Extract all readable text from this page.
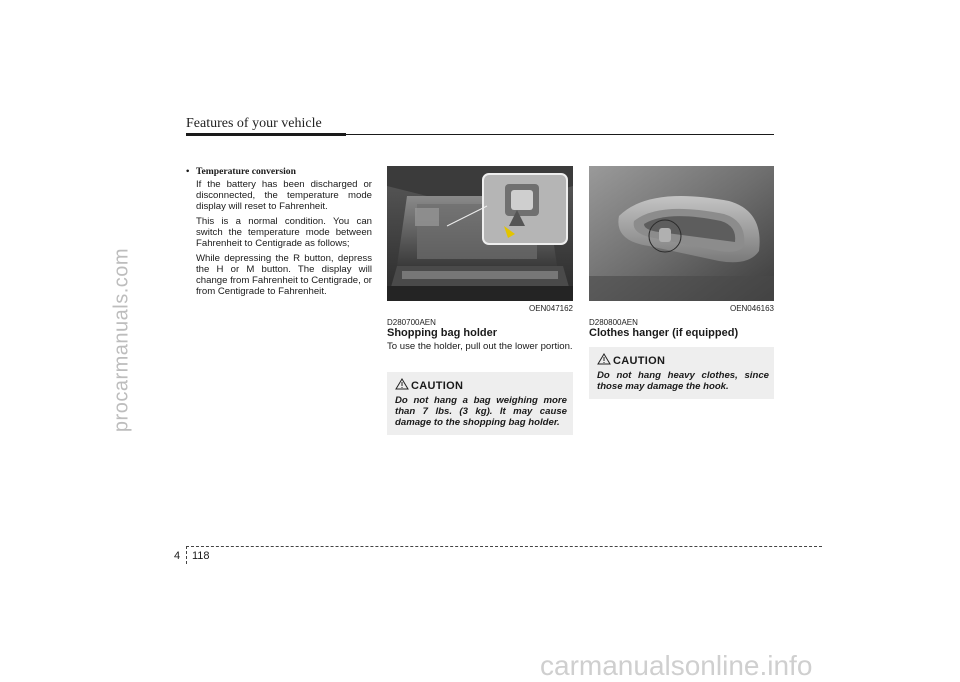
procarmanuals.com
carmanualsonline.info
Features of your vehicle
• Temperature conversion
If the battery has been discharged or disconnected, the temperature mode display will reset to Fahrenheit.
This is a normal condition. You can switch the temperature mode between Fahrenheit to Centigrade as follows;
While depressing the R button, depress the H or M button. The display will change from Fahrenheit to Centigrade, or from Centigrade to Fahrenheit.
OEN047162
D280700AEN
Shopping bag holder
To use the holder, pull out the lower portion.
CAUTION
Do not hang a bag weighing more than 7 lbs. (3 kg). It may cause damage to the shopping bag holder.
OEN046163
D280800AEN
Clothes hanger (if equipped)
CAUTION
Do not hang heavy clothes, since those may damage the hook.
4 118
